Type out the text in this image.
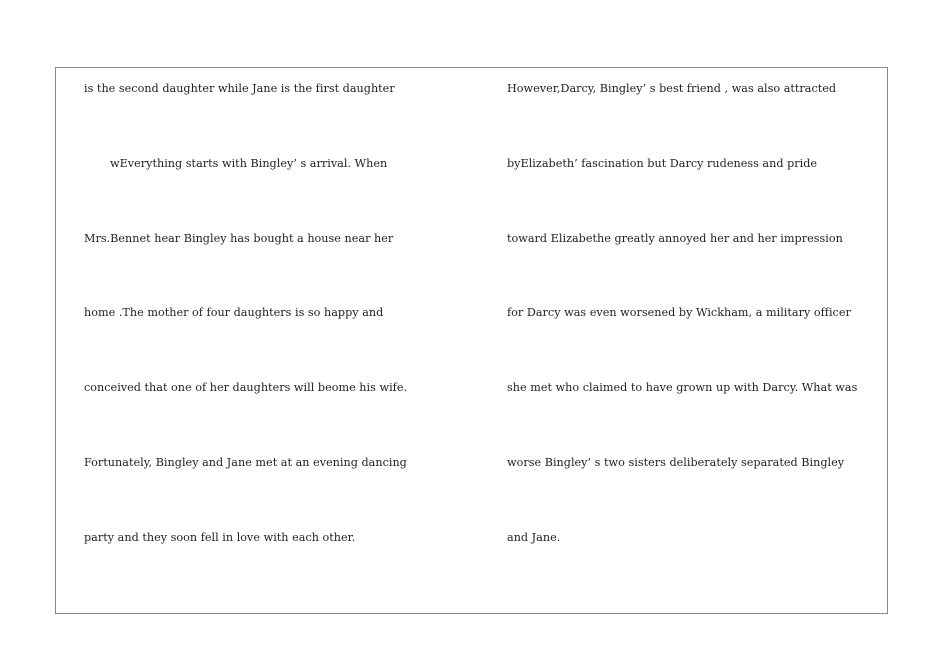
is the second daughter while Jane is the first daughter
wEverything starts with Bingley’ s arrival. When
Mrs.Bennet hear Bingley has bought a house near her
home .The mother of four daughters is so happy and
conceived that one of her daughters will beome his wife.
Fortunately, Bingley and Jane met at an evening dancing
party and they soon fell in love with each other.
However,Darcy, Bingley’ s best friend , was also attracted
byElizabeth’ fascination but Darcy rudeness and pride
toward Elizabethe greatly annoyed her and her impression
for Darcy was even worsened by Wickham, a military officer
she met who claimed to have grown up with Darcy. What was
worse Bingley’ s two sisters deliberately separated Bingley
and Jane.
